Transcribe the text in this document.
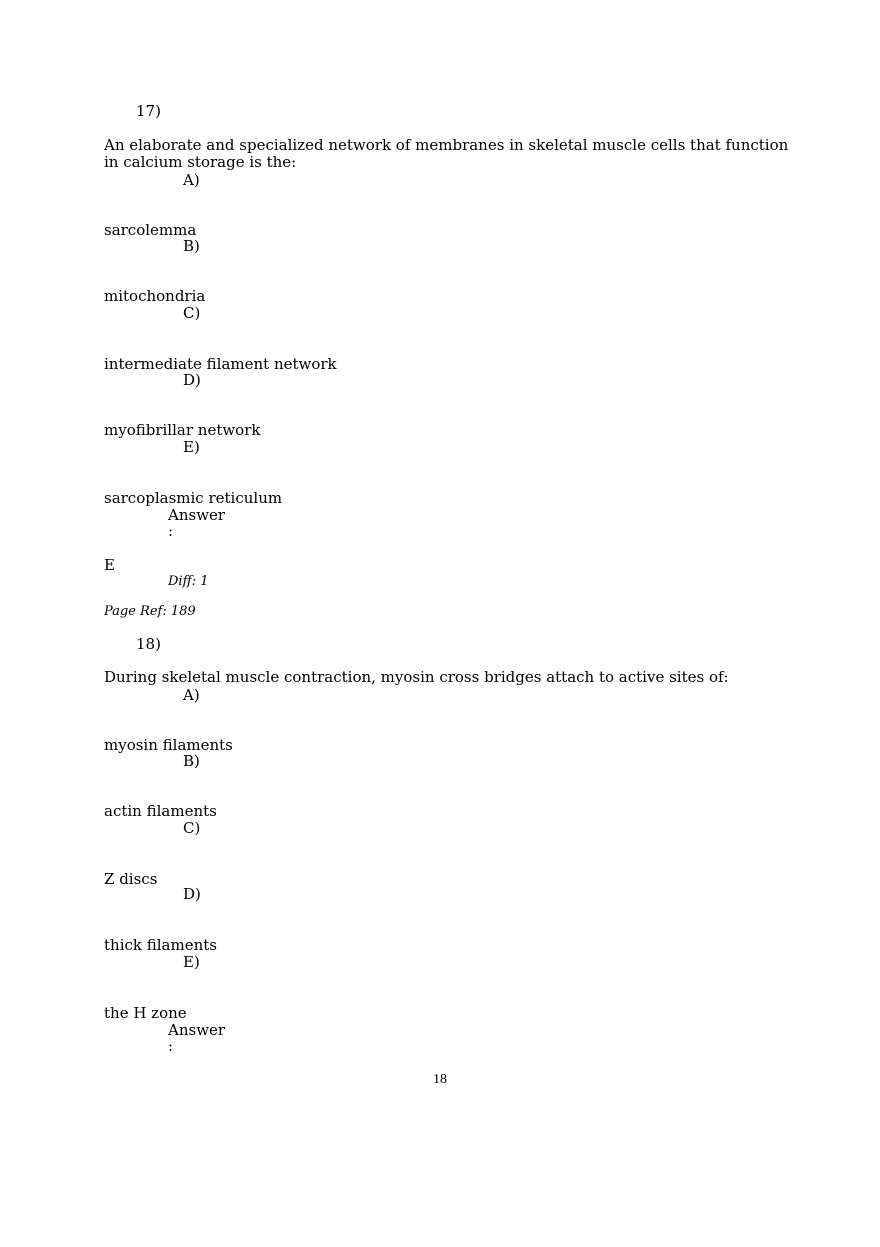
17)
An elaborate and specialized network of membranes in skeletal muscle cells that function
in calcium storage is the:
A)
sarcolemma
B)
mitochondria
C)
intermediate filament network
D)
myofibrillar network
E)
sarcoplasmic reticulum
Answer
:
E
Diff: 1
Page Ref: 189
18)
During skeletal muscle contraction, myosin cross bridges attach to active sites of:
A)
myosin filaments
B)
actin filaments
C)
Z discs
D)
thick filaments
E)
the H zone
Answer
:
18
